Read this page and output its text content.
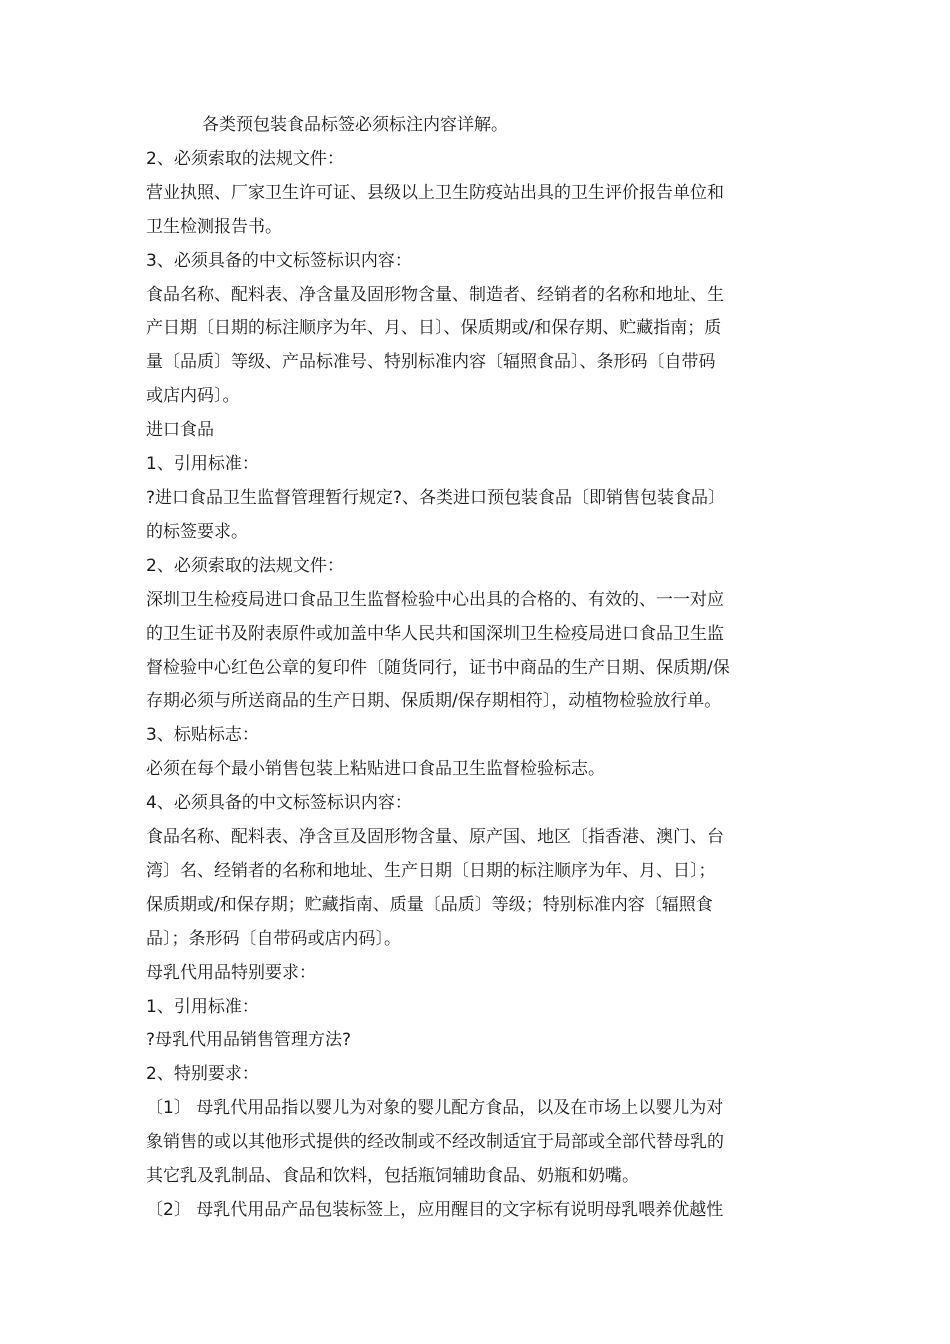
各类预包装食品标签必须标注内容详解。

2、必须索取的法规文件：

营业执照、厂家卫生许可证、县级以上卫生防疫站出具的卫生评价报告单位和

卫生检测报告书。

3、必须具备的中文标签标识内容：

食品名称、配料表、净含量及固形物含量、制造者、经销者的名称和地址、生

产日期〔日期的标注顺序为年、月、日〕、保质期或/和保存期、贮藏指南；质

量〔品质〕等级、产品标准号、特别标准内容〔辐照食品〕、条形码〔自带码

或店内码〕。

进口食品

1、引用标准：

?进口食品卫生监督管理暂行规定?、各类进口预包装食品〔即销售包装食品〕

的标签要求。

2、必须索取的法规文件：

深圳卫生检疫局进口食品卫生监督检验中心出具的合格的、有效的、一一对应

的卫生证书及附表原件或加盖中华人民共和国深圳卫生检疫局进口食品卫生监

督检验中心红色公章的复印件〔随货同行，证书中商品的生产日期、保质期/保

存期必须与所送商品的生产日期、保质期/保存期相符〕，动植物检验放行单。

3、标贴标志：

必须在每个最小销售包装上粘贴进口食品卫生监督检验标志。

4、必须具备的中文标签标识内容：

食品名称、配料表、净含亘及固形物含量、原产国、地区〔指香港、澳门、台

湾〕名、经销者的名称和地址、生产日期〔日期的标注顺序为年、月、日〕；

保质期或/和保存期；贮藏指南、质量〔品质〕等级；特别标准内容〔辐照食

品〕；条形码〔自带码或店内码〕。

母乳代用品特别要求：

1、引用标准：

?母乳代用品销售管理方法?

2、特别要求：

〔1〕 母乳代用品指以婴儿为对象的婴儿配方食品，以及在市场上以婴儿为对

象销售的或以其他形式提供的经改制或不经改制适宜于局部或全部代替母乳的

其它乳及乳制品、食品和饮料，包括瓶饲辅助食品、奶瓶和奶嘴。

〔2〕 母乳代用品产品包装标签上，应用醒目的文字标有说明母乳喂养优越性
